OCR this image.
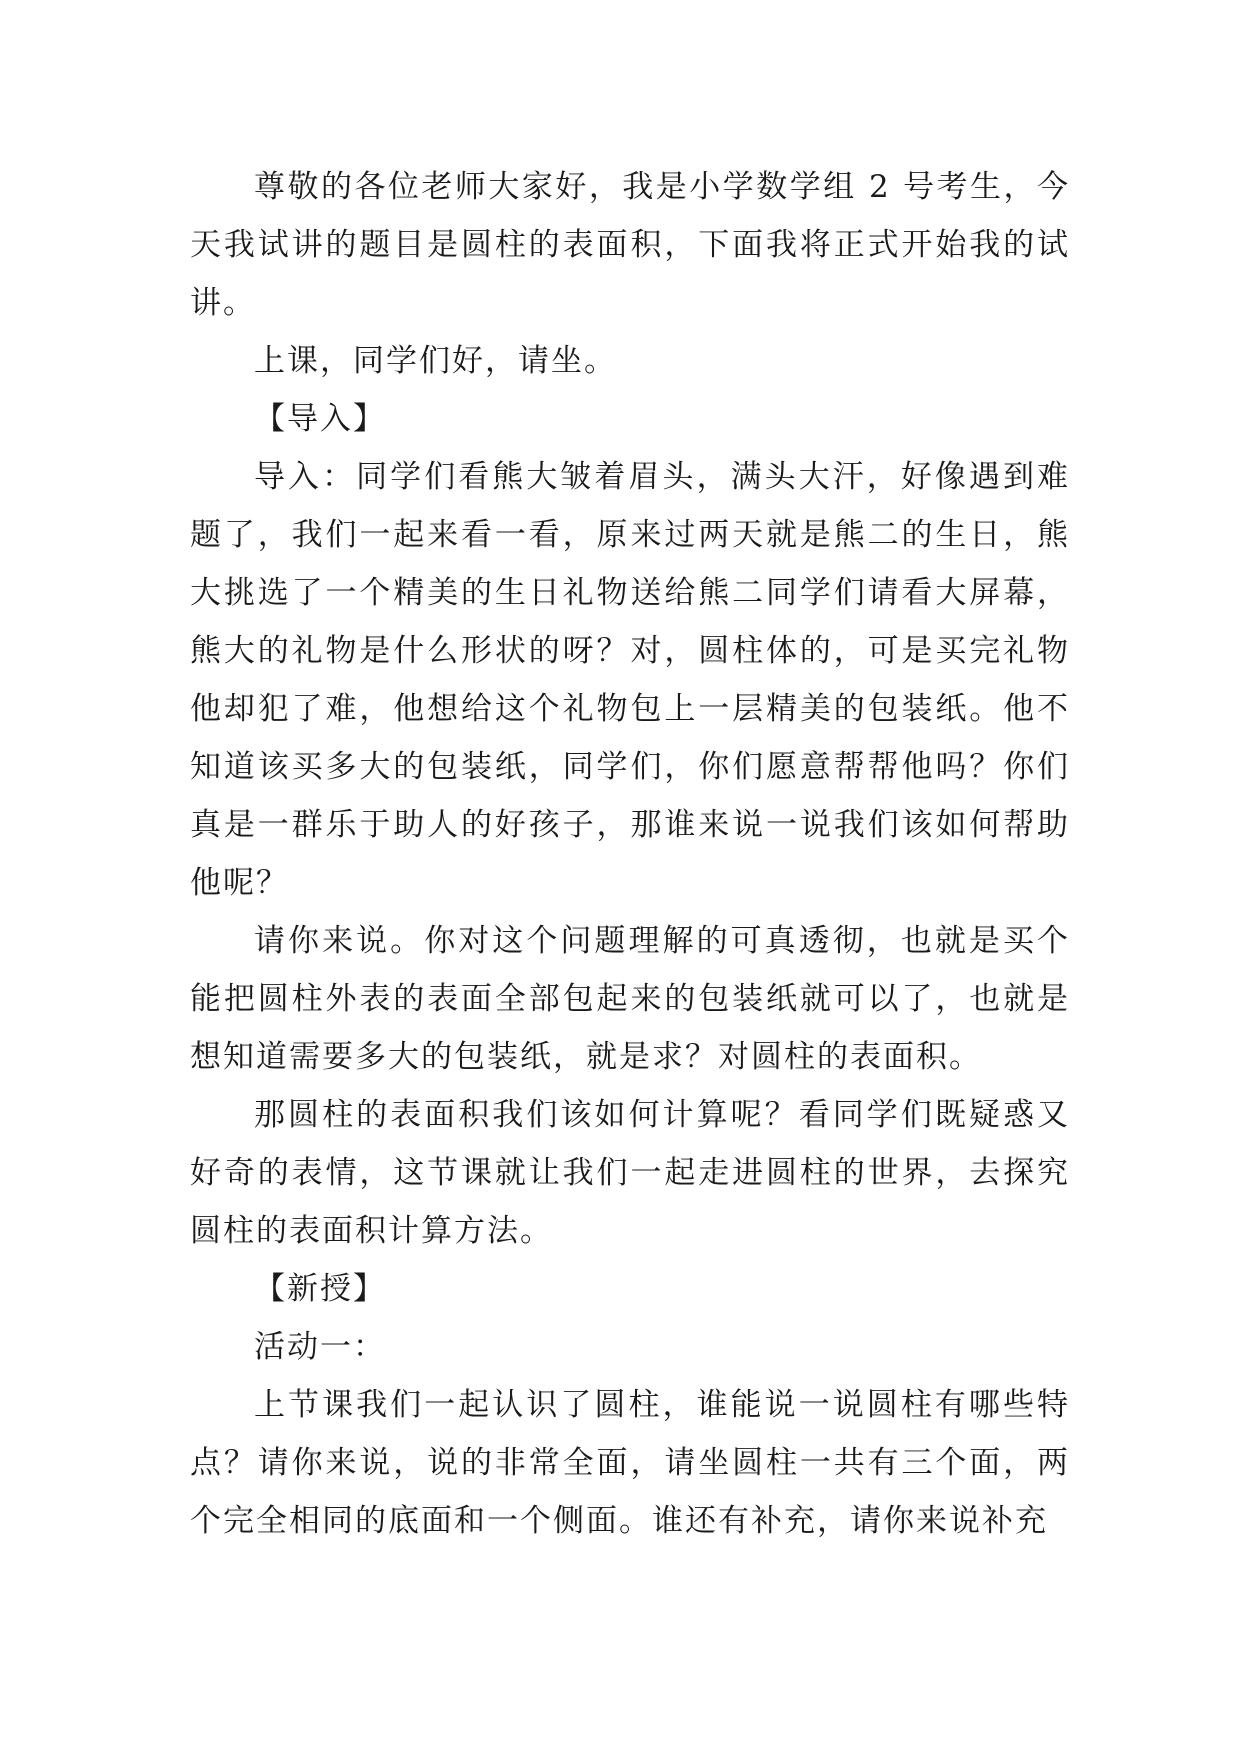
尊敬的各位老师大家好，我是小学数学组 2 号考生，今天我试讲的题目是圆柱的表面积，下面我将正式开始我的试讲。

上课，同学们好，请坐。

【导入】

导入：同学们看熊大皱着眉头，满头大汗，好像遇到难题了，我们一起来看一看，原来过两天就是熊二的生日，熊大挑选了一个精美的生日礼物送给熊二同学们请看大屏幕，熊大的礼物是什么形状的呀？对，圆柱体的，可是买完礼物他却犯了难，他想给这个礼物包上一层精美的包装纸。他不知道该买多大的包装纸，同学们，你们愿意帮帮他吗？你们真是一群乐于助人的好孩子，那谁来说一说我们该如何帮助他呢？

请你来说。你对这个问题理解的可真透彻，也就是买个能把圆柱外表的表面全部包起来的包装纸就可以了，也就是想知道需要多大的包装纸，就是求？对圆柱的表面积。

那圆柱的表面积我们该如何计算呢？看同学们既疑惑又好奇的表情，这节课就让我们一起走进圆柱的世界，去探究圆柱的表面积计算方法。

【新授】

活动一：

上节课我们一起认识了圆柱，谁能说一说圆柱有哪些特点？请你来说，说的非常全面，请坐圆柱一共有三个面，两个完全相同的底面和一个侧面。谁还有补充，请你来说补充
